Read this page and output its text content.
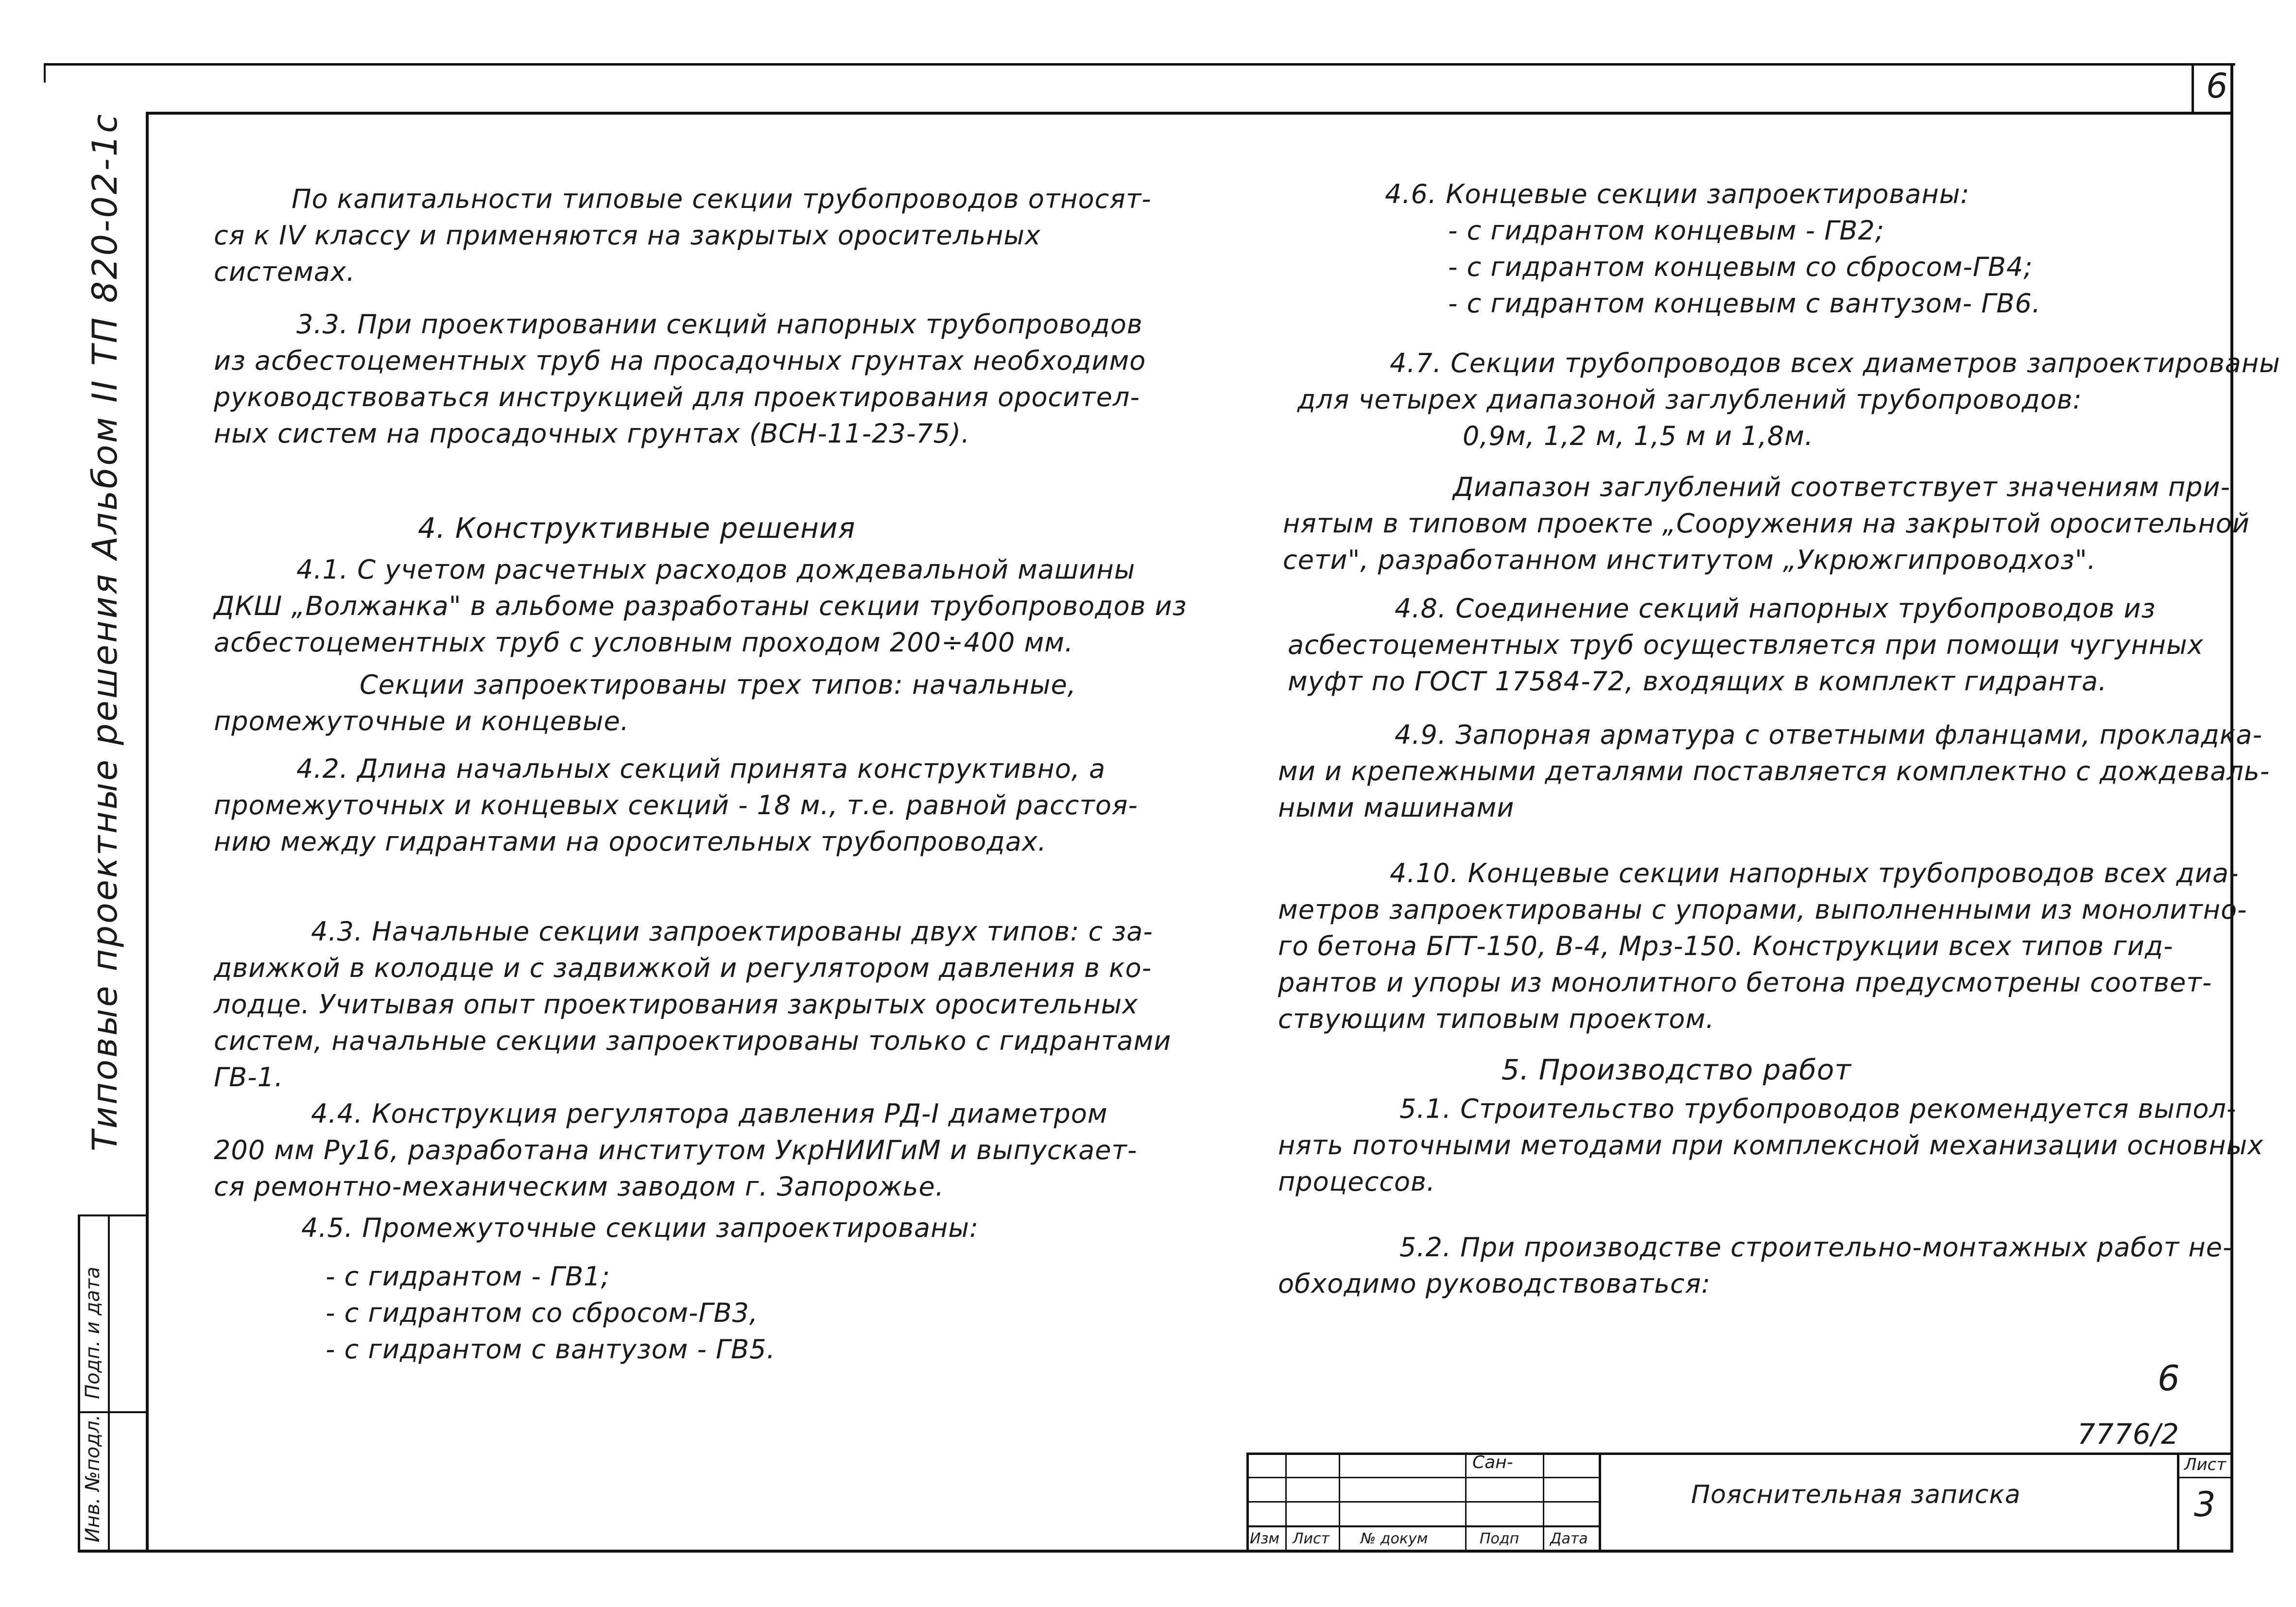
6
Типовые проектные решения Альбом II ТП 820-02-1с
Подп. и дата
Инв. №подл.
По капитальности типовые секции трубопроводов относят-
ся к IV классу и применяются на закрытых оросительных
системах.
3.3. При проектировании секций напорных трубопроводов
из асбестоцементных труб на просадочных грунтах необходимо
руководствоваться инструкцией для проектирования оросител-
ных систем на просадочных грунтах (ВСН-11-23-75).
4. Конструктивные решения
4.1. С учетом расчетных расходов дождевальной машины
ДКШ „Волжанка" в альбоме разработаны секции трубопроводов из
асбестоцементных труб с условным проходом 200÷400 мм.
Секции запроектированы трех типов: начальные,
промежуточные и концевые.
4.2. Длина начальных секций принята конструктивно, а
промежуточных и концевых секций - 18 м., т.е. равной расстоя-
нию между гидрантами на оросительных трубопроводах.
4.3. Начальные секции запроектированы двух типов: с за-
движкой в колодце и с задвижкой и регулятором давления в ко-
лодце. Учитывая опыт проектирования закрытых оросительных
систем, начальные секции запроектированы только с гидрантами
ГВ-1.
4.4. Конструкция регулятора давления РД-I диаметром
200 мм Ру16, разработана институтом УкрНИИГиМ и выпускает-
ся ремонтно-механическим заводом г. Запорожье.
4.5. Промежуточные секции запроектированы:
- с гидрантом - ГВ1;
- с гидрантом со сбросом-ГВ3,
- с гидрантом с вантузом - ГВ5.
4.6. Концевые секции запроектированы:
- с гидрантом концевым - ГВ2;
- с гидрантом концевым со сбросом-ГВ4;
- с гидрантом концевым с вантузом- ГВ6.
4.7. Секции трубопроводов всех диаметров запроектированы
для четырех диапазоной заглублений трубопроводов:
0,9м, 1,2 м, 1,5 м и 1,8м.
Диапазон заглублений соответствует значениям при-
нятым в типовом проекте „Сооружения на закрытой оросительной
сети", разработанном институтом „Укрюжгипроводхоз".
4.8. Соединение секций напорных трубопроводов из
асбестоцементных труб осуществляется при помощи чугунных
муфт по ГОСТ 17584-72, входящих в комплект гидранта.
4.9. Запорная арматура с ответными фланцами, прокладка-
ми и крепежными деталями поставляется комплектно с дождеваль-
ными машинами
4.10. Концевые секции напорных трубопроводов всех диа-
метров запроектированы с упорами, выполненными из монолитно-
го бетона БГТ-150, В-4, Мрз-150. Конструкции всех типов гид-
рантов и упоры из монолитного бетона предусмотрены соответ-
ствующим типовым проектом.
5. Производство работ
5.1. Строительство трубопроводов рекомендуется выпол-
нять поточными методами при комплексной механизации основных
процессов.
5.2. При производстве строительно-монтажных работ не-
обходимо руководствоваться:
6
7776/2
Изм Лист № докум	Подп Дата
Сан-
Пояснительная записка
Лист
3
